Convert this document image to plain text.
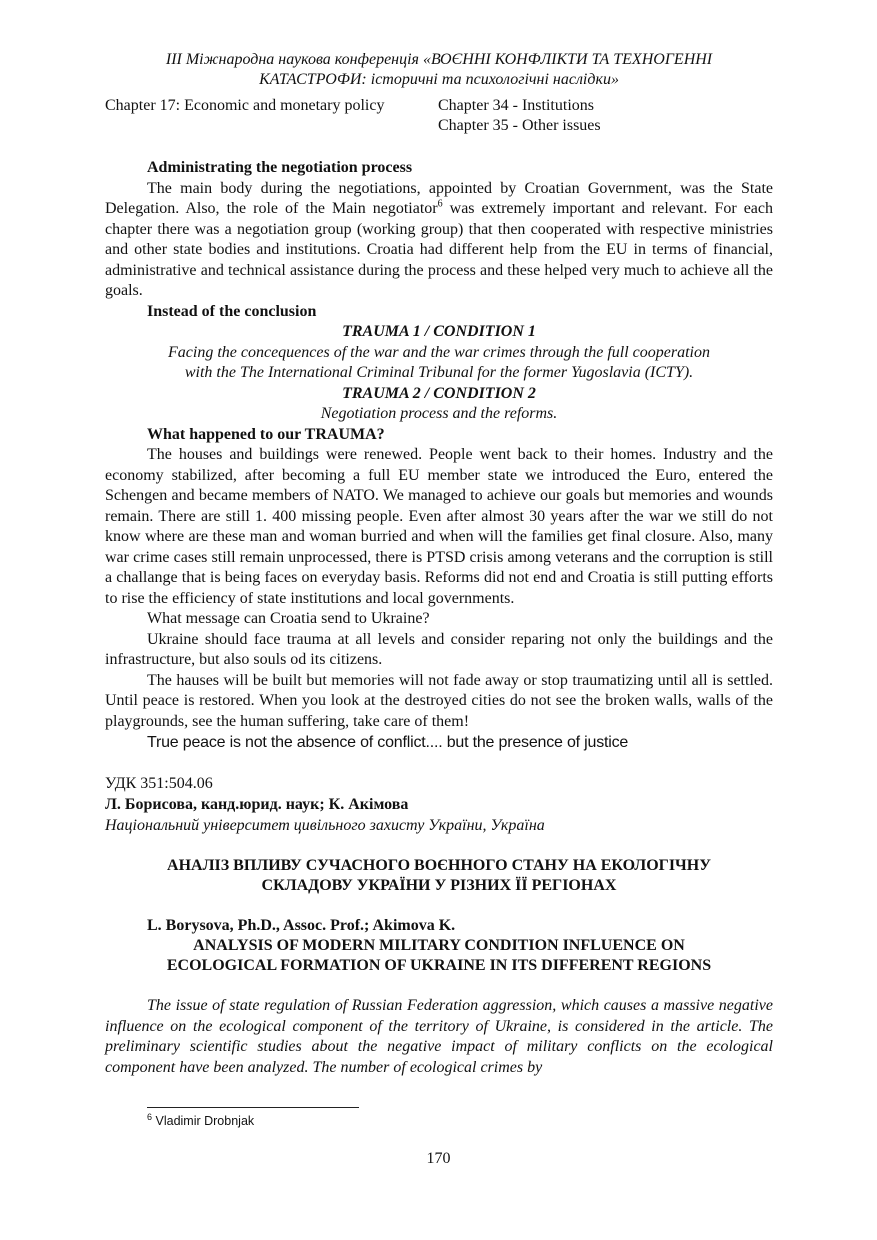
ІІІ Міжнародна наукова конференція «ВОЄННІ КОНФЛІКТИ ТА ТЕХНОГЕННІ
КАТАСТРОФИ: історичні та психологічні наслідки»
Chapter 17: Economic and monetary policy	Chapter 34 - Institutions
Chapter 35 - Other issues
Administrating the negotiation process

The main body during the negotiations, appointed by Croatian Government, was the State Delegation. Also, the role of the Main negotiator$^6$ was extremely important and relevant. For each chapter there was a negotiation group (working group) that then cooperated with respective ministries and other state bodies and institutions. Croatia had different help from the EU in terms of financial, administrative and technical assistance during the process and these helped very much to achieve all the goals.

Instead of the conclusion
TRAUMA 1 / CONDITION 1
Facing the concequences of the war and the war crimes through the full cooperation
with the The International Criminal Tribunal for the former Yugoslavia (ICTY).
TRAUMA 2 / CONDITION 2
Negotiation process and the reforms.
What happened to our TRAUMA?

The houses and buildings were renewed. People went back to their homes. Industry and the economy stabilized, after becoming a full EU member state we introduced the Euro, entered the Schengen and became members of NATO. We managed to achieve our goals but memories and wounds remain. There are still 1. 400 missing people. Even after almost 30 years after the war we still do not know where are these man and woman burried and when will the families get final closure. Also, many war crime cases still remain unprocessed, there is PTSD crisis among veterans and the corruption is still a challange that is being faces on everyday basis. Reforms did not end and Croatia is still putting efforts to rise the efficiency of state institutions and local governments.

What message can Croatia send to Ukraine?

Ukraine should face trauma at all levels and consider reparing not only the buildings and the infrastructure, but also souls od its citizens.

The hauses will be built but memories will not fade away or stop traumatizing until all is settled. Until peace is restored. When you look at the destroyed cities do not see the broken walls, walls of the playgrounds, see the human suffering, take care of them!

True peace is not the absence of conflict.... but the presence of justice
УДК 351:504.06
Л. Борисова, канд.юрид. наук; К. Акімова
Національний університет цивільного захисту України, Україна
АНАЛІЗ ВПЛИВУ СУЧАСНОГО ВОЄННОГО СТАНУ НА ЕКОЛОГІЧНУ
СКЛАДОВУ УКРАЇНИ У РІЗНИХ ЇЇ РЕГІОНАХ
L. Borysova, Ph.D., Assoc. Prof.; Akimova K.
ANALYSIS OF MODERN MILITARY CONDITION INFLUENCE ON
ECOLOGICAL FORMATION OF UKRAINE IN ITS DIFFERENT REGIONS

The issue of state regulation of Russian Federation aggression, which causes a massive negative influence on the ecological component of the territory of Ukraine, is considered in the article. The preliminary scientific studies about the negative impact of military conflicts on the ecological component have been analyzed. The number of ecological crimes by

$^6$ Vladimir Drobnjak
170
